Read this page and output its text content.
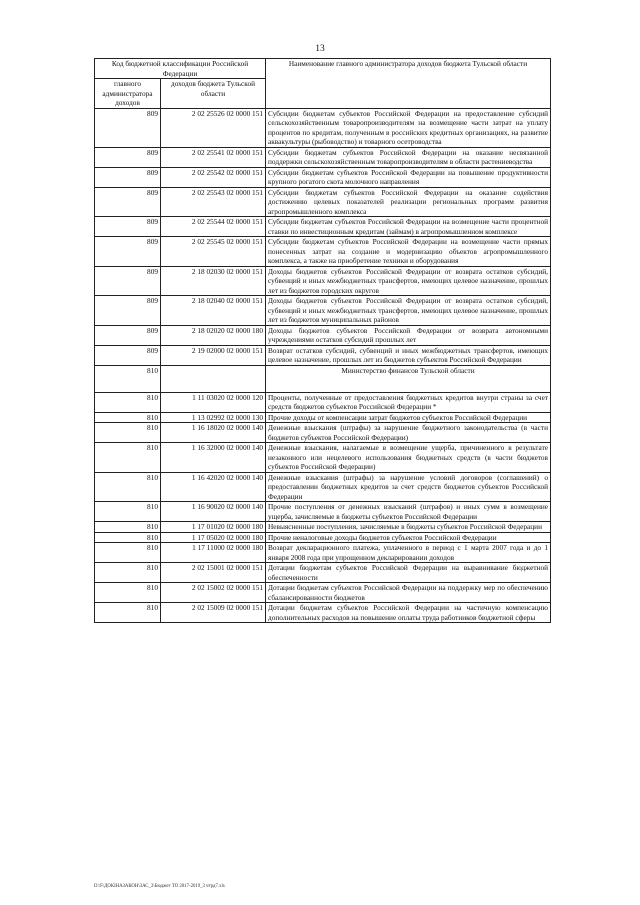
13
Код бюджетной классификации Российской Федерации		Наименование главного администратора доходов бюджета Тульской области
главного администратора доходов	доходов бюджета Тульской области	
809	2 02 25526 02 0000 151	Субсидии бюджетам субъектов Российской Федерации на предоставление субсидий сельскохозяйственным товаропроизводителям на возмещение части затрат на уплату процентов по кредитам, полученным в российских кредитных организациях, на развитие аквакультуры (рыбоводство) и товарного осетроводства
809	2 02 25541 02 0000 151	Субсидии бюджетам субъектов Российской Федерации на оказание несвязанной поддержки сельскохозяйственным товаропроизводителям в области растениеводства
809	2 02 25542 02 0000 151	Субсидии бюджетам субъектов Российской Федерации на повышение продуктивности крупного рогатого скота молочного направления
809	2 02 25543 02 0000 151	Субсидии бюджетам субъектов Российской Федерации на оказание содействия достижению целевых показателей реализации региональных программ развития агропромышленного комплекса
809	2 02 25544 02 0000 151	Субсидии бюджетам субъектов Российской Федерации на возмещение части процентной ставки по инвестиционным кредитам (займам) в агропромышленном комплексе
809	2 02 25545 02 0000 151	Субсидии бюджетам субъектов Российской Федерации на возмещение части прямых понесенных затрат на создание и модернизацию объектов агропромышленного комплекса, а также на приобретение техники и оборудования
809	2 18 02030 02 0000 151	Доходы бюджетов субъектов Российской Федерации от возврата остатков субсидий, субвенций и иных межбюджетных трансфертов, имеющих целевое назначение, прошлых лет из бюджетов городских округов
809	2 18 02040 02 0000 151	Доходы бюджетов субъектов Российской Федерации от возврата остатков субсидий, субвенций и иных межбюджетных трансфертов, имеющих целевое назначение, прошлых лет из бюджетов муниципальных районов
809	2 18 02020 02 0000 180	Доходы бюджетов субъектов Российской Федерации от возврата автономными учреждениями остатков субсидий прошлых лет
809	2 19 02000 02 0000 151	Возврат остатков субсидий, субвенций и иных межбюджетных трансфертов, имеющих целевое назначение, прошлых лет из бюджетов субъектов Российской Федерации
810		Министерство финансов Тульской области
810	1 11 03020 02 0000 120	Проценты, полученные от предоставления бюджетных кредитов внутри страны за счет средств бюджетов субъектов Российской Федерации *
810	1 13 02992 02 0000 130	Прочие доходы от компенсации затрат бюджетов субъектов Российской Федерации
810	1 16 18020 02 0000 140	Денежные взыскания (штрафы) за нарушение бюджетного законодательства (в части бюджетов субъектов Российской Федерации)
810	1 16 32000 02 0000 140	Денежные взыскания, налагаемые в возмещение ущерба, причиненного в результате незаконного или нецелевого использования бюджетных средств (в части бюджетов субъектов Российской Федерации)
810	1 16 42020 02 0000 140	Денежные взыскания (штрафы) за нарушение условий договоров (соглашений) о предоставлении бюджетных кредитов за счет средств бюджетов субъектов Российской Федерации
810	1 16 90020 02 0000 140	Прочие поступления от денежных взысканий (штрафов) и иных сумм в возмещение ущерба, зачисляемые в бюджеты субъектов Российской Федерации
810	1 17 01020 02 0000 180	Невыясненные поступления, зачисляемые в бюджеты субъектов Российской Федерации
810	1 17 05020 02 0000 180	Прочие неналоговые доходы бюджетов субъектов Российской Федерации
810	1 17 11000 02 0000 180	Возврат декларационного платежа, уплаченного в период с 1 марта 2007 года и до 1 января 2008 года при упрощенном декларировании доходов
810	2 02 15001 02 0000 151	Дотации бюджетам субъектов Российской Федерации на выравнивание бюджетной обеспеченности
810	2 02 15002 02 0000 151	Дотации бюджетам субъектов Российской Федерации на поддержку мер по обеспечению сбалансированности бюджетов
810	2 02 15009 02 0000 151	Дотации бюджетам субъектов Российской Федерации на частичную компенсацию дополнительных расходов на повышение оплаты труда работников бюджетной сферы
D:\F\ДОКІНАЗАКОН\ЗАС_3\Бюджет ТО 2017-2019_3 чтрд7.xls
